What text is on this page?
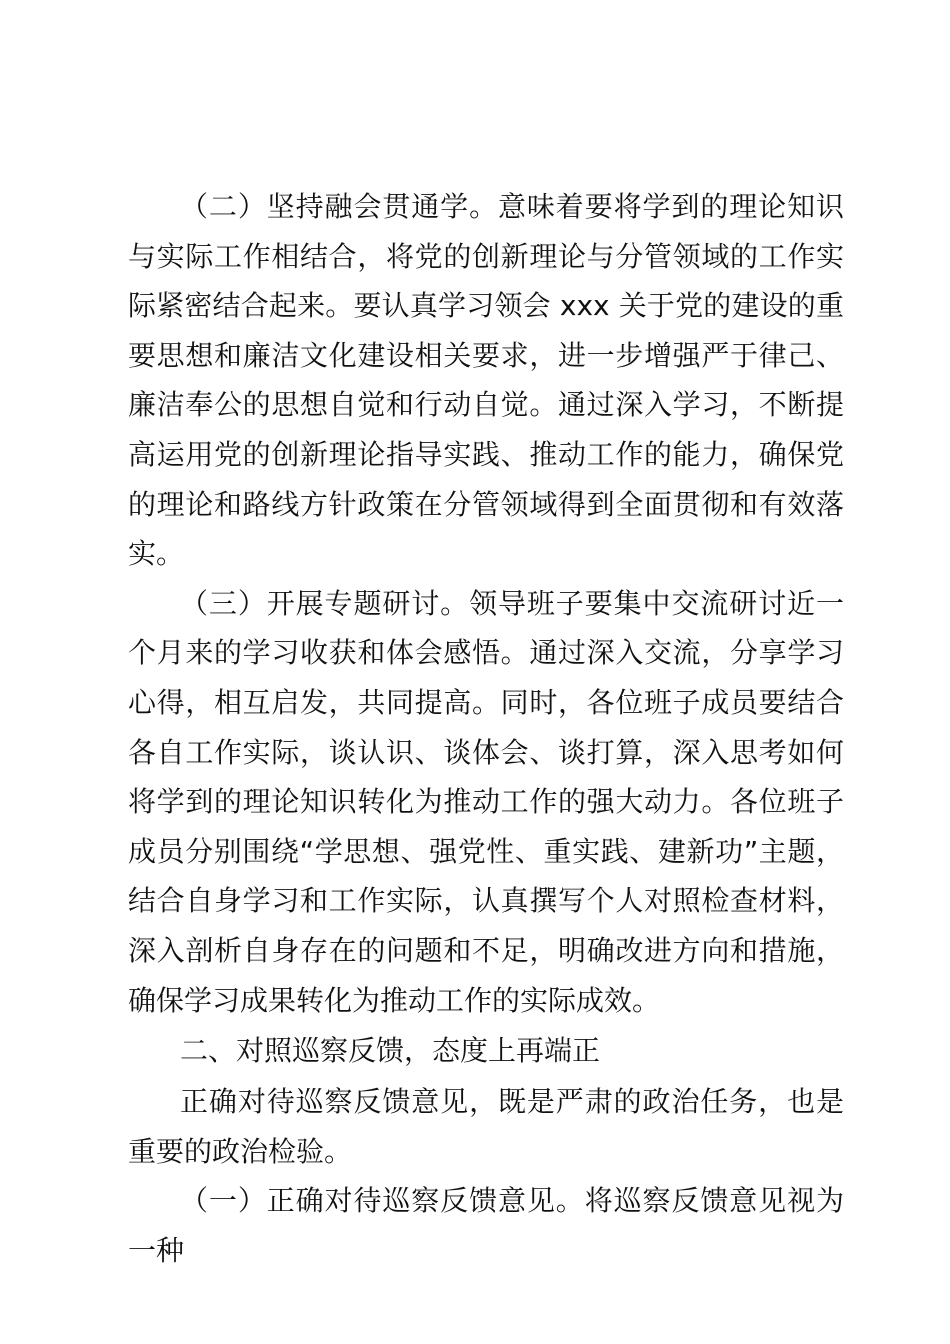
（二）坚持融会贯通学。意味着要将学到的理论知识与实际工作相结合，将党的创新理论与分管领域的工作实际紧密结合起来。要认真学习领会 xxx 关于党的建设的重要思想和廉洁文化建设相关要求，进一步增强严于律己、廉洁奉公的思想自觉和行动自觉。通过深入学习，不断提高运用党的创新理论指导实践、推动工作的能力，确保党的理论和路线方针政策在分管领域得到全面贯彻和有效落实。

（三）开展专题研讨。领导班子要集中交流研讨近一个月来的学习收获和体会感悟。通过深入交流，分享学习心得，相互启发，共同提高。同时，各位班子成员要结合各自工作实际，谈认识、谈体会、谈打算，深入思考如何将学到的理论知识转化为推动工作的强大动力。各位班子成员分别围绕“学思想、强党性、重实践、建新功”主题，结合自身学习和工作实际，认真撰写个人对照检查材料，深入剖析自身存在的问题和不足，明确改进方向和措施，确保学习成果转化为推动工作的实际成效。

二、对照巡察反馈，态度上再端正

正确对待巡察反馈意见，既是严肃的政治任务，也是重要的政治检验。

（一）正确对待巡察反馈意见。将巡察反馈意见视为一种
